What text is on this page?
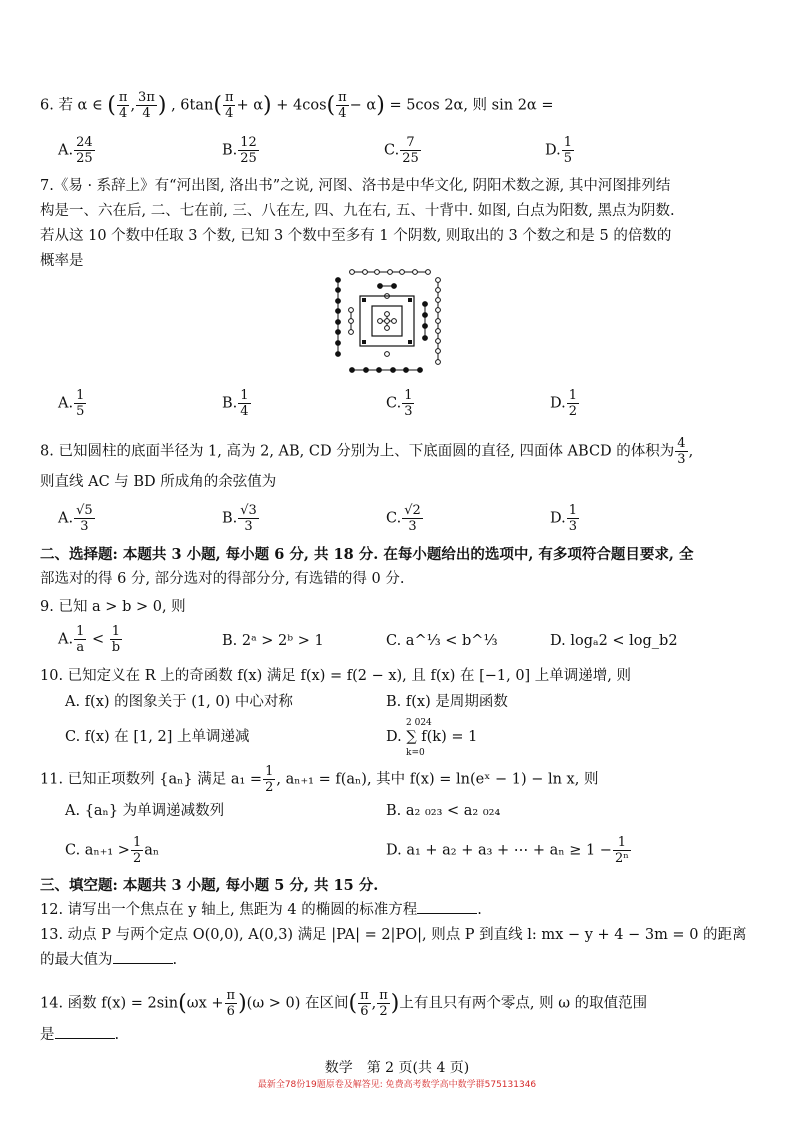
6. 若 α ∈ ( $\frac{\pi}{4}$ , $\frac{3\pi}{4}$ ) , $6\tan( \frac{\pi}{4} + \alpha) + 4\cos( \frac{\pi}{4} - \alpha) = 5\cos$ 2α, 则 sin 2α =
A. $\frac{24}{25}$	B. $\frac{12}{25}$	C. $\frac{7}{25}$	D. $\frac{1}{5}$
7.《易 · 系辞上》有“河出图, 洛出书”之说, 河图、洛书是中华文化, 阴阳术数之源, 其中河图排列结
构是一、六在后, 二、七在前, 三、八在左, 四、九在右, 五、十背中. 如图, 白点为阳数, 黑点为阴数.
若从这 10 个数中任取 3 个数, 已知 3 个数中至多有 1 个阴数, 则取出的 3 个数之和是 5 的倍数的
概率是
A. $\frac{1}{5}$	B. $\frac{1}{4}$	C. $\frac{1}{3}$	D. $\frac{1}{2}$
8. 已知圆柱的底面半径为 1, 高为 2, AB, CD 分别为上、下底面圆的直径, 四面体 ABCD 的体积为 $\frac{4}{3}$ ,
则直线 AC 与 BD 所成角的余弦值为
A. $\frac{√5}{3}$	B. $\frac{√3}{3}$	C. $\frac{√2}{3}$	D. $\frac{1}{3}$
二、选择题: 本题共 3 小题, 每小题 6 分, 共 18 分. 在每小题给出的选项中, 有多项符合题目要求, 全
部选对的得 6 分, 部分选对的得部分分, 有选错的得 0 分.
9. 已知 a > b > 0, 则
A. $\frac{1}{a} < \frac{1}{b}$	B. 2ᵃ > 2ᵇ > 1	C. a^⅓ < b^⅓	D. logₐ2 < log_b2
10. 已知定义在 R 上的奇函数 f(x) 满足 f(x) = f(2 − x), 且 f(x) 在 [−1, 0] 上单调递增, 则
A. f(x) 的图象关于 (1, 0) 中心对称	B. f(x) 是周期函数
C. f(x) 在 [1, 2] 上单调递减
2 024
D. ∑ f(k) = 1
k=0
11. 已知正项数列 {aₙ} 满足 $a_1 = \frac{1}{2}$ , aₙ₊₁ = f(aₙ), 其中 f(x) = ln(eˣ − 1) − ln x, 则
A. {aₙ} 为单调递减数列	B. a₂ ₀₂₃ < a₂ ₀₂₄
C. $a_{n+1} > \frac{1}{2}$ aₙ	D. a₁ + a₂ + a₃ + ⋯ + $a_n \ge 1 - \frac{1}{\text{2ⁿ}}$
三、填空题: 本题共 3 小题, 每小题 5 分, 共 15 分.
12. 请写出一个焦点在 y 轴上, 焦距为 4 的椭圆的标准方程	.
13. 动点 P 与两个定点 O(0,0), A(0,3) 满足 |PA| = 2|PO|, 则点 P 到直线 l: mx − y + 4 − 3m = 0 的距离
的最大值为	.
14. 函数 $f(x) = 2\sin(\omega x + \frac{\pi}{6} )(\omega > 0)$ 在区间( $\frac{\pi}{6}$ , $\frac{\pi}{2}$ )上有且只有两个零点, 则 ω 的取值范围
是	.
数学　第 2 页(共 4 页)
最新全78份19题原卷及解答见: 免费高考数学高中数学群575131346
